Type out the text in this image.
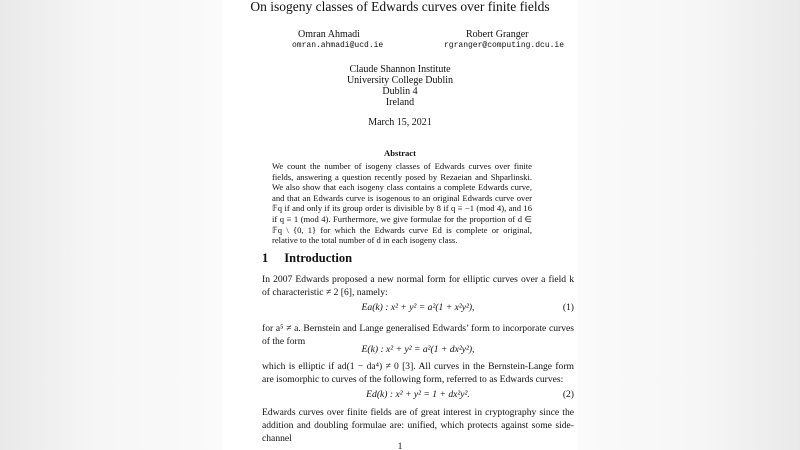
On isogeny classes of Edwards curves over finite fields
Omran Ahmadi
omran.ahmadi@ucd.ie
Robert Granger
rgranger@computing.dcu.ie
Claude Shannon Institute
University College Dublin
Dublin 4
Ireland
March 15, 2021
Abstract
We count the number of isogeny classes of Edwards curves over finite fields, answering a question recently posed by Rezaeian and Shparlinski. We also show that each isogeny class contains a complete Edwards curve, and that an Edwards curve is isogenous to an original Edwards curve over 𝔽q if and only if its group order is divisible by 8 if q ≡ −1 (mod 4), and 16 if q ≡ 1 (mod 4). Furthermore, we give formulae for the proportion of d ∈ 𝔽q \ {0, 1} for which the Edwards curve Ed is complete or original, relative to the total number of d in each isogeny class.
1 Introduction
In 2007 Edwards proposed a new normal form for elliptic curves over a field k of characteristic ≠ 2 [6], namely:
Ea(k) : x² + y² = a²(1 + x²y²),	(1)
for a⁵ ≠ a. Bernstein and Lange generalised Edwards’ form to incorporate curves of the form
E(k) : x² + y² = a²(1 + dx²y²),
which is elliptic if ad(1 − da⁴) ≠ 0 [3]. All curves in the Bernstein-Lange form are isomorphic to curves of the following form, referred to as Edwards curves:
Ed(k) : x² + y² = 1 + dx²y².	(2)
Edwards curves over finite fields are of great interest in cryptography since the addition and doubling formulae are: unified, which protects against some side-channel
1
